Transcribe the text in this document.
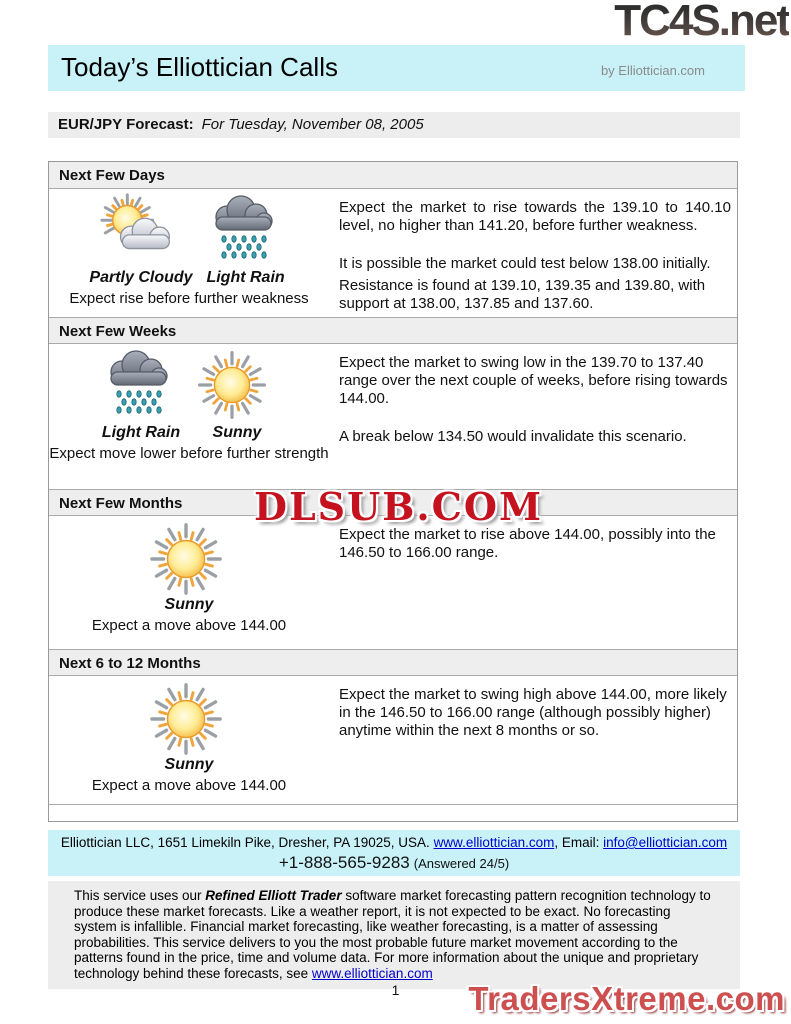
TC4S.net
Today’s Elliottician Calls	by Elliottician.com
EUR/JPY Forecast: For Tuesday, November 08, 2005
Next Few Days
Partly Cloudy Light Rain
Expect rise before further weakness

Expect the market to rise towards the 139.10 to 140.10 level, no higher than 141.20, before further weakness.

It is possible the market could test below 138.00 initially.

Resistance is found at 139.10, 139.35 and 139.80, with support at 138.00, 137.85 and 137.60.

Next Few Weeks
Light Rain Sunny
Expect move lower before further strength

Expect the market to swing low in the 139.70 to 137.40 range over the next couple of weeks, before rising towards 144.00.

A break below 134.50 would invalidate this scenario.

Next Few Months
Sunny
Expect a move above 144.00

Expect the market to rise above 144.00, possibly into the 146.50 to 166.00 range.

Next 6 to 12 Months
Sunny
Expect a move above 144.00

Expect the market to swing high above 144.00, more likely in the 146.50 to 166.00 range (although possibly higher) anytime within the next 8 months or so.

DLSUB.COM
Elliottician LLC, 1651 Limekiln Pike, Dresher, PA 19025, USA. www.elliottician.com, Email: info@elliottician.com
+1-888-565-9283 (Answered 24/5)
This service uses our Refined Elliott Trader software market forecasting pattern recognition technology to produce these market forecasts. Like a weather report, it is not expected to be exact. No forecasting system is infallible. Financial market forecasting, like weather forecasting, is a matter of assessing probabilities. This service delivers to you the most probable future market movement according to the patterns found in the price, time and volume data. For more information about the unique and proprietary technology behind these forecasts, see www.elliottician.com
1	TradersXtreme.com
